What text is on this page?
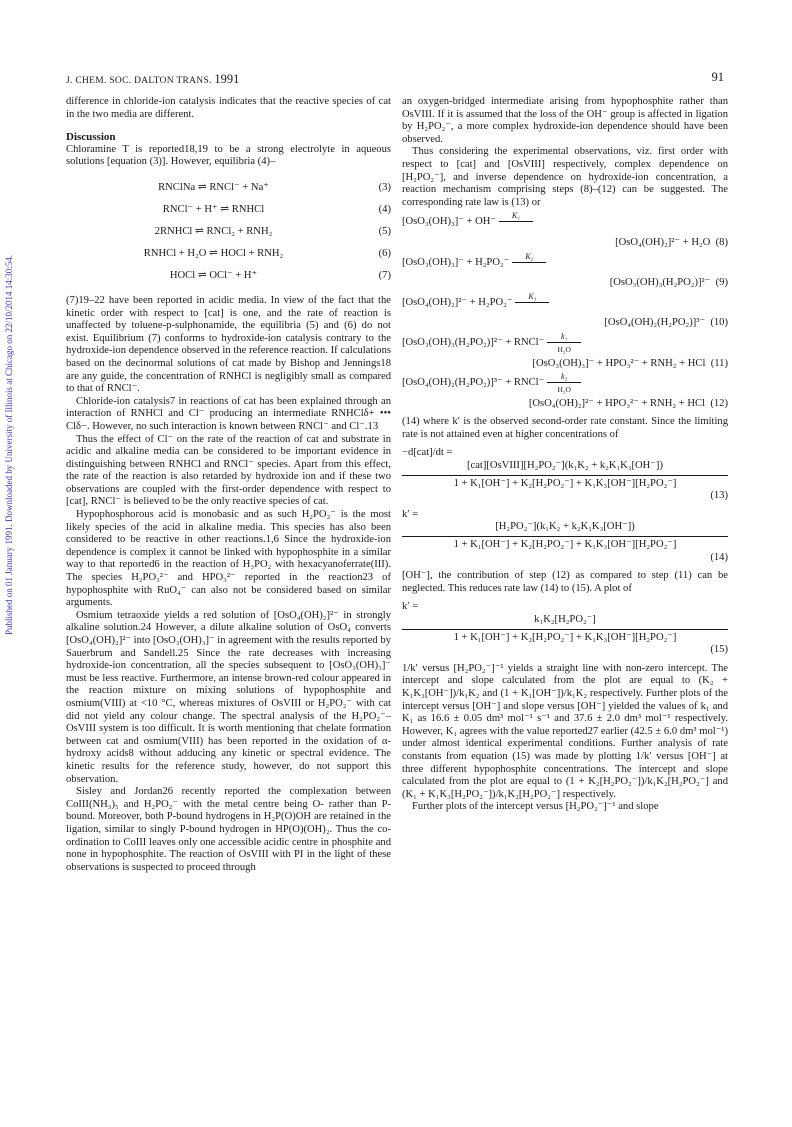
J. CHEM. SOC. DALTON TRANS. 1991	91
Published on 01 January 1991. Downloaded by University of Illinois at Chicago on 22/10/2014 14:30:54.

difference in chloride-ion catalysis indicates that the reactive species of cat in the two media are different.

Discussion

Chloramine T is reported18,19 to be a strong electrolyte in aqueous solutions [equation (3)]. However, equilibria (4)–

RNClNa ⇌ RNCl⁻ + Na⁺	(3)
RNCl⁻ + H⁺ ⇌ RNHCl	(4)
2RNHCl ⇌ RNCl₂ + RNH₂	(5)
RNHCl + H₂O ⇌ HOCl + RNH₂	(6)
HOCl ⇌ OCl⁻ + H⁺	(7)

(7)19–22 have been reported in acidic media. In view of the fact that the kinetic order with respect to [cat] is one, and the rate of reaction is unaffected by toluene-p-sulphonamide, the equilibria (5) and (6) do not exist. Equilibrium (7) conforms to hydroxide-ion catalysis contrary to the hydroxide-ion dependence observed in the reference reaction. If calculations based on the decinormal solutions of cat made by Bishop and Jennings18 are any guide, the concentration of RNHCl is negligibly small as compared to that of RNCl⁻.

Chloride-ion catalysis7 in reactions of cat has been explained through an interaction of RNHCl and Cl⁻ producing an intermediate RNHClδ+ ••• Clδ−. However, no such interaction is known between RNCl⁻ and Cl⁻.13

Thus the effect of Cl⁻ on the rate of the reaction of cat and substrate in acidic and alkaline media can be considered to be important evidence in distinguishing between RNHCl and RNCl⁻ species. Apart from this effect, the rate of the reaction is also retarded by hydroxide ion and if these two observations are coupled with the first-order dependence with respect to [cat], RNCl⁻ is believed to be the only reactive species of cat.

Hypophosphorous acid is monobasic and as such H₂PO₂⁻ is the most likely species of the acid in alkaline media. This species has also been considered to be reactive in other reactions.1,6 Since the hydroxide-ion dependence is complex it cannot be linked with hypophosphite in a similar way to that reported6 in the reaction of H₃PO₂ with hexacyanoferrate(III). The species H₂PO₃²⁻ and HPO₃²⁻ reported in the reaction23 of hypophosphite with RuO₄⁻ can also not be considered based on similar arguments.

Osmium tetraoxide yields a red solution of [OsO₄(OH)₂]²⁻ in strongly alkaline solution.24 However, a dilute alkaline solution of OsO₄ converts [OsO₄(OH)₂]²⁻ into [OsO₃(OH)₃]⁻ in agreement with the results reported by Sauerbrum and Sandell.25 Since the rate decreases with increasing hydroxide-ion concentration, all the species subsequent to [OsO₃(OH)₃]⁻ must be less reactive. Furthermore, an intense brown-red colour appeared in the reaction mixture on mixing solutions of hypophosphite and osmium(VIII) at <10 °C, whereas mixtures of OsVIII or H₂PO₂⁻ with cat did not yield any colour change. The spectral analysis of the H₂PO₂⁻–OsVIII system is too difficult. It is worth mentioning that chelate formation between cat and osmium(VIII) has been reported in the oxidation of α-hydroxy acids8 without adducing any kinetic or spectral evidence. The kinetic results for the reference study, however, do not support this observation.

Sisley and Jordan26 recently reported the complexation between CoIII(NH₃)₅ and H₂PO₂⁻ with the metal centre being O- rather than P-bound. Moreover, both P-bound hydrogens in H₂P(O)OH are retained in the ligation, similar to singly P-bound hydrogen in HP(O)(OH)₂. Thus the co-ordination to CoIII leaves only one accessible acidic centre in phosphite and none in hypophosphite. The reaction of OsVIII with PI in the light of these observations is suspected to proceed through

an oxygen-bridged intermediate arising from hypophosphite rather than OsVIII. If it is assumed that the loss of the OH⁻ group is affected in ligation by H₂PO₂⁻, a more complex hydroxide-ion dependence should have been observed.

Thus considering the experimental observations, viz. first order with respect to [cat] and [OsVIII] respectively, complex dependence on [H₂PO₂⁻], and inverse dependence on hydroxide-ion concentration, a reaction mechanism comprising steps (8)–(12) can be suggested. The corresponding rate law is (13) or

[OsO₃(OH)₃]⁻ + OH⁻
K₁
[OsO₄(OH)₂]²⁻ + H₂O (8)
[OsO₃(OH)₃]⁻ + H₂PO₂⁻
K₂
[OsO₃(OH)₃(H₂PO₂)]²⁻ (9)
[OsO₄(OH)₂]²⁻ + H₂PO₂⁻
K₃
[OsO₄(OH)₂(H₂PO₂)]³⁻ (10)
[OsO₃(OH)₃(H₂PO₂)]²⁻ + RNCl⁻
k₁
H₂O
[OsO₃(OH)₃]⁻ + HPO₃²⁻ + RNH₂ + HCl (11)
[OsO₄(OH)₂(H₂PO₂)]³⁻ + RNCl⁻
k₂
H₂O
[OsO₄(OH)₂]²⁻ + HPO₃²⁻ + RNH₂ + HCl (12)

(14) where k′ is the observed second-order rate constant. Since the limiting rate is not attained even at higher concentrations of

−d[cat]/dt =
[cat][OsVIII][H₂PO₂⁻](k₁K₂ + k₂K₁K₃[OH⁻])
1 + K₁[OH⁻] + K₂[H₂PO₂⁻] + K₁K₃[OH⁻][H₂PO₂⁻]
(13)
k′ =
[H₂PO₂⁻](k₁K₂ + k₂K₁K₃[OH⁻])
1 + K₁[OH⁻] + K₂[H₂PO₂⁻] + K₁K₃[OH⁻][H₂PO₂⁻]
(14)

[OH⁻], the contribution of step (12) as compared to step (11) can be neglected. This reduces rate law (14) to (15). A plot of

k′ =
k₁K₂[H₂PO₂⁻]
1 + K₁[OH⁻] + K₂[H₂PO₂⁻] + K₁K₃[OH⁻][H₂PO₂⁻]
(15)

1/k′ versus [H₂PO₂⁻]⁻¹ yields a straight line with non-zero intercept. The intercept and slope calculated from the plot are equal to (K₂ + K₁K₃[OH⁻])/k₁K₂ and (1 + K₁[OH⁻])/k₁K₂ respectively. Further plots of the intercept versus [OH⁻] and slope versus [OH⁻] yielded the values of k₁ and K₁ as 16.6 ± 0.05 dm³ mol⁻¹ s⁻¹ and 37.6 ± 2.0 dm³ mol⁻¹ respectively. However, K₁ agrees with the value reported27 earlier (42.5 ± 6.0 dm³ mol⁻¹) under almost identical experimental conditions. Further analysis of rate constants from equation (15) was made by plotting 1/k′ versus [OH⁻] at three different hypophosphite concentrations. The intercept and slope calculated from the plot are equal to (1 + K₂[H₂PO₂⁻])/k₁K₂[H₂PO₂⁻] and (K₁ + K₁K₃[H₂PO₂⁻])/k₁K₂[H₂PO₂⁻] respectively.

Further plots of the intercept versus [H₂PO₂⁻]⁻¹ and slope
